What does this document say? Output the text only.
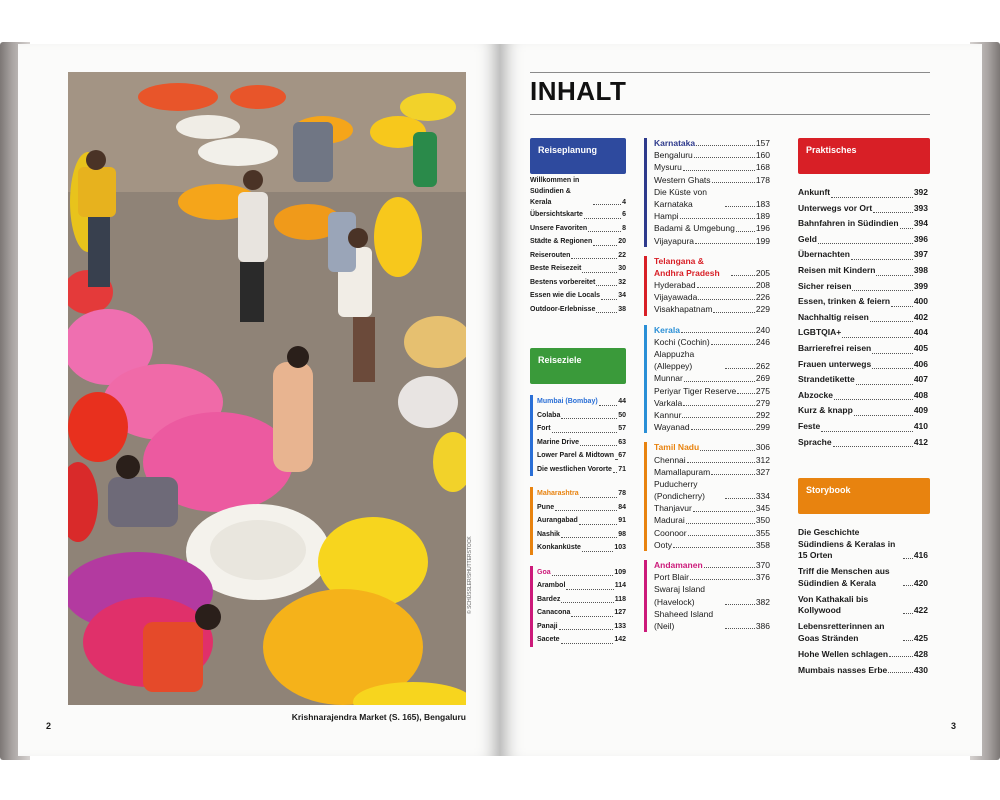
© SCHÜSSLER/SHUTTERSTOCK
Krishnarajendra Market (S. 165), Bengaluru
2
INHALT
Reiseplanung
Willkommen in Südindien & Kerala	4
Übersichtskarte	6
Unsere Favoriten	8
Städte & Regionen	20
Reiserouten	22
Beste Reisezeit	30
Bestens vorbereitet	32
Essen wie die Locals	34
Outdoor-Erlebnisse	38
Reiseziele
Mumbai (Bombay)	44
Colaba	50
Fort	57
Marine Drive	63
Lower Parel & Midtown 67
Die westlichen Vororte 71
Maharashtra	78
Pune	84
Aurangabad	91
Nashik	98
Konkanküste	103
Goa	109
Arambol	114
Bardez	118
Canacona	127
Panaji	133
Sacete	142
Karnataka	157
Bengaluru	160
Mysuru	168
Western Ghats	178
Die Küste von Karnataka	183
Hampi	189
Badami & Umgebung 196
Vijayapura	199
Telangana & Andhra Pradesh	205
Hyderabad	208
Vijayawada	226
Visakhapatnam	229
Kerala	240
Kochi (Cochin)	246
Alappuzha (Alleppey)	262
Munnar	269
Periyar Tiger Reserve 275
Varkala	279
Kannur	292
Wayanad	299
Tamil Nadu	306
Chennai	312
Mamallapuram	327
Puducherry (Pondicherry)	334
Thanjavur	345
Madurai	350
Coonoor	355
Ooty	358
Andamanen	370
Port Blair	376
Swaraj Island (Havelock)	382
Shaheed Island (Neil)	386
Praktisches
Ankunft	392
Unterwegs vor Ort	393
Bahnfahren in Südindien 394
Geld	396
Übernachten	397
Reisen mit Kindern	398
Sicher reisen	399
Essen, trinken & feiern	400
Nachhaltig reisen	402
LGBTQIA+	404
Barrierefrei reisen	405
Frauen unterwegs	406
Strandetikette	407
Abzocke	408
Kurz & knapp	409
Feste	410
Sprache	412
Storybook
Die Geschichte Südindiens & Keralas in 15 Orten	416
Triff die Menschen aus Südindien & Kerala	420
Von Kathakali bis Kollywood	422
Lebensretterinnen an Goas Stränden	425
Hohe Wellen schlagen	428
Mumbais nasses Erbe	430
3
